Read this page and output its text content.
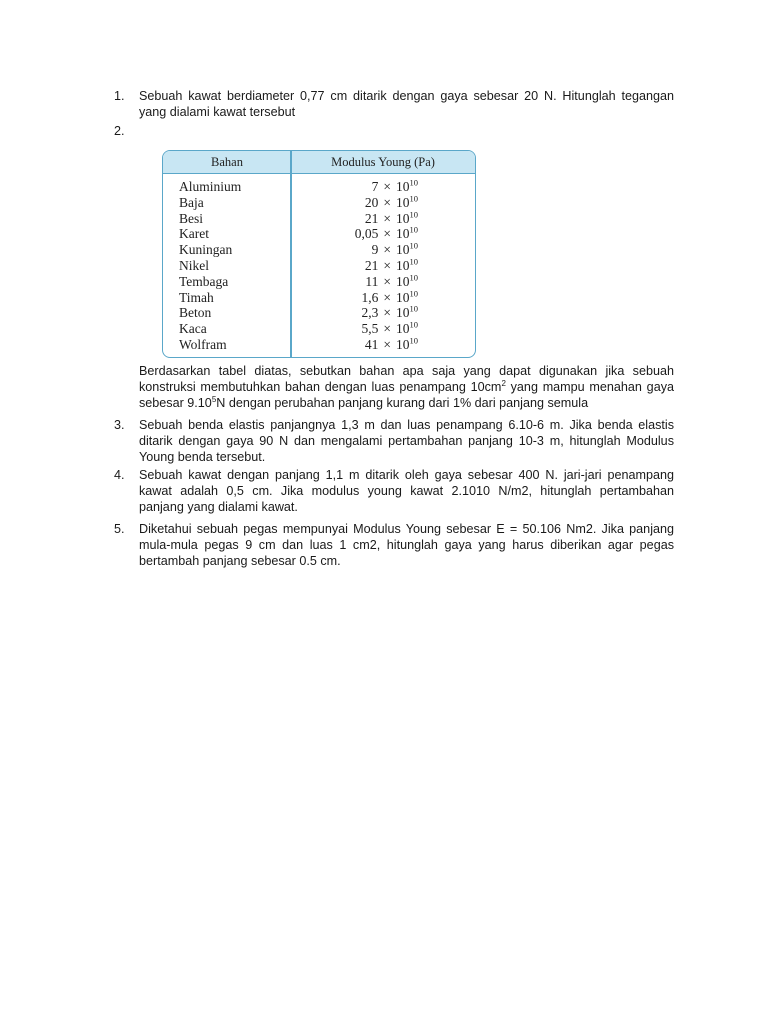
1. Sebuah kawat berdiameter 0,77 cm ditarik dengan gaya sebesar 20 N. Hitunglah tegangan
yang dialami kawat tersebut
2.
Bahan	Modulus Young (Pa)
Aluminium	$7 \times 10^{10}$
Baja	$20 \times 10^{10}$
Besi	$21 \times 10^{10}$
Karet	$0,05 \times 10^{10}$
Kuningan	$9 \times 10^{10}$
Nikel	$21 \times 10^{10}$
Tembaga	$11 \times 10^{10}$
Timah	$1,6 \times 10^{10}$
Beton	$2,3 \times 10^{10}$
Kaca	$5,5 \times 10^{10}$
Wolfram	$41 \times 10^{10}$
Berdasarkan tabel diatas, sebutkan bahan apa saja yang dapat digunakan jika sebuah
konstruksi membutuhkan bahan dengan luas penampang $10cm^2$ yang mampu menahan gaya
sebesar 9.10$^5$N dengan perubahan panjang kurang dari 1% dari panjang semula
3. Sebuah benda elastis panjangnya 1,3 m dan luas penampang 6.10-6 m. Jika benda elastis
ditarik dengan gaya 90 N dan mengalami pertambahan panjang 10-3 m, hitunglah Modulus
Young benda tersebut.
4. Sebuah kawat dengan panjang 1,1 m ditarik oleh gaya sebesar 400 N. jari-jari penampang
kawat adalah 0,5 cm. Jika modulus young kawat 2.1010 N/m2, hitunglah pertambahan
panjang yang dialami kawat.
5. Diketahui sebuah pegas mempunyai Modulus Young sebesar E = 50.106 Nm2. Jika panjang
mula-mula pegas 9 cm dan luas 1 cm2, hitunglah gaya yang harus diberikan agar pegas
bertambah panjang sebesar 0.5 cm.
